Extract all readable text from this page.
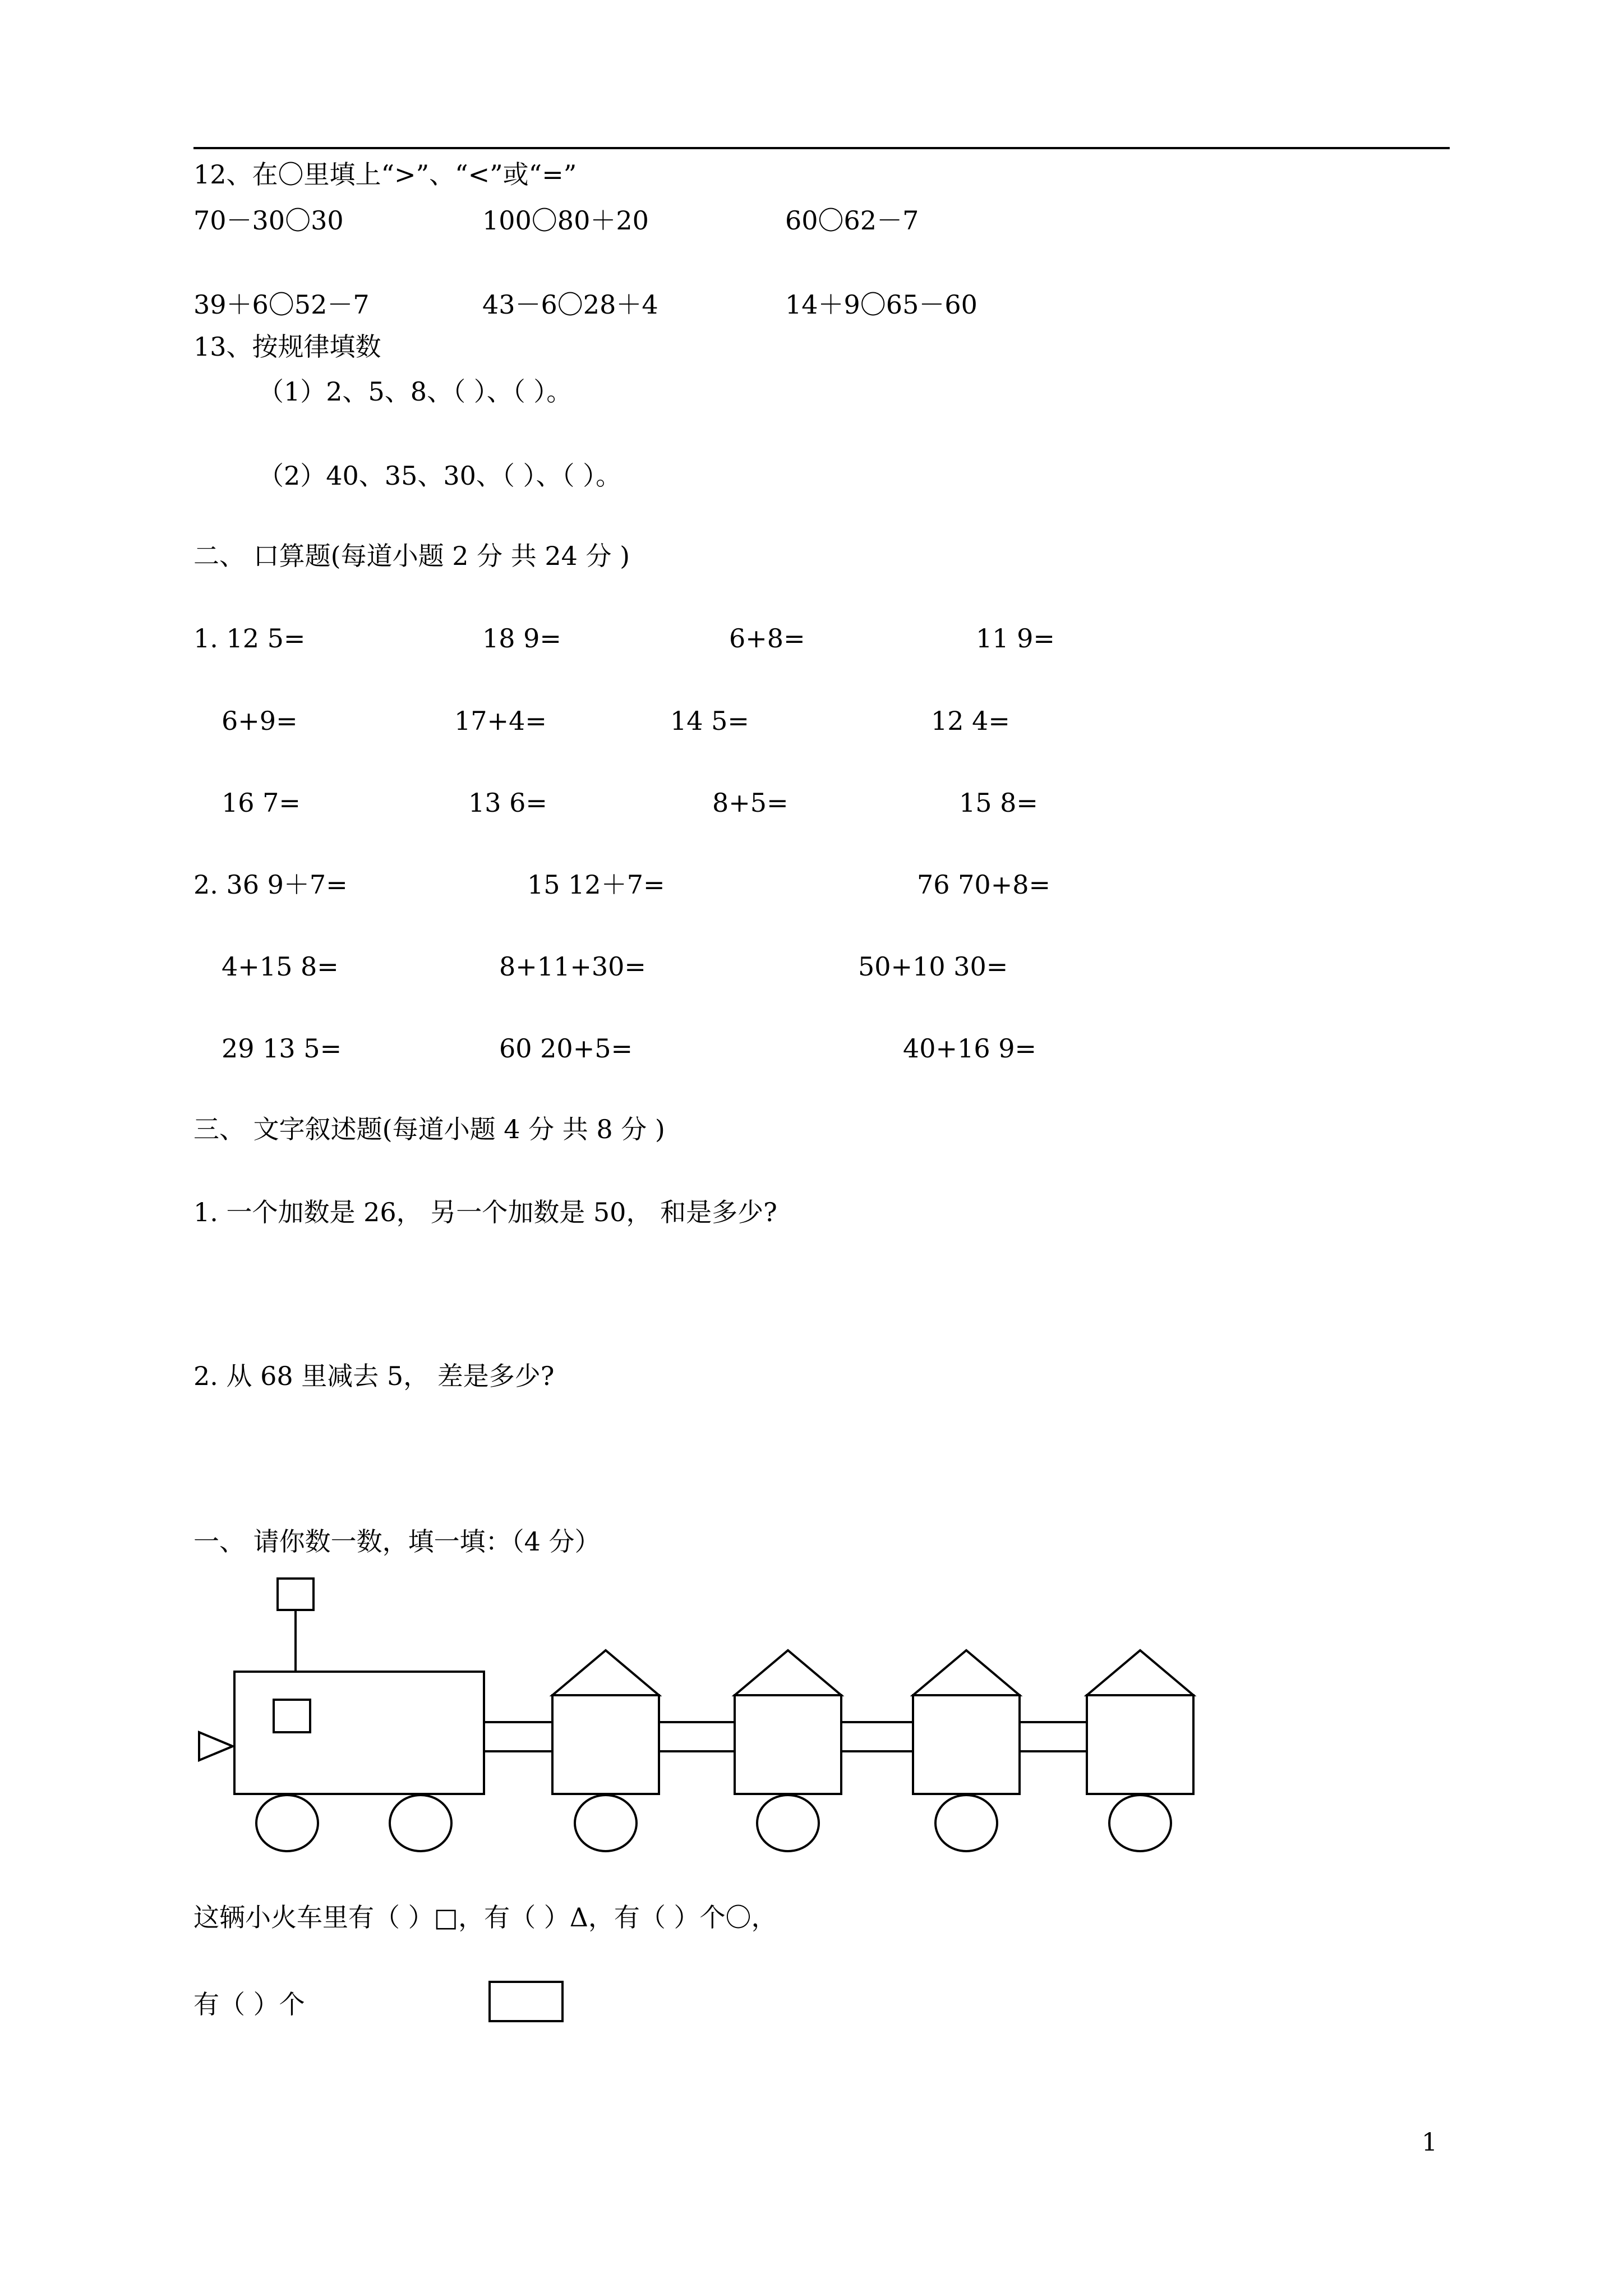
12、在〇里填上“>”、“<”或“=”
70－30〇30	100〇80＋20	60〇62－7
39＋6〇52－7	43－6〇28＋4	14＋9〇65－60
13、按规律填数
（1）2、5、8、（ ）、（ ）。
（2）40、35、30、（ ）、（ ）。
二、 口算题(每道小题 2 分 共 24 分 )
1. 12 5=	18 9=	6+8=	11 9=
6+9=	17+4=	14 5=	12 4=
16 7=	13 6=	8+5=	15 8=
2. 36 9＋7=	15 12＋7=	76 70+8=
4+15 8=	8+11+30=	50+10 30=
29 13 5=	60 20+5=	40+16 9=
三、 文字叙述题(每道小题 4 分 共 8 分 )
1. 一个加数是 26， 另一个加数是 50， 和是多少?
2. 从 68 里减去 5， 差是多少?
一、 请你数一数，填一填：（4 分）
这辆小火车里有（ ）□，有（ ）Δ，有（ ）个〇，
有（ ）个
1
